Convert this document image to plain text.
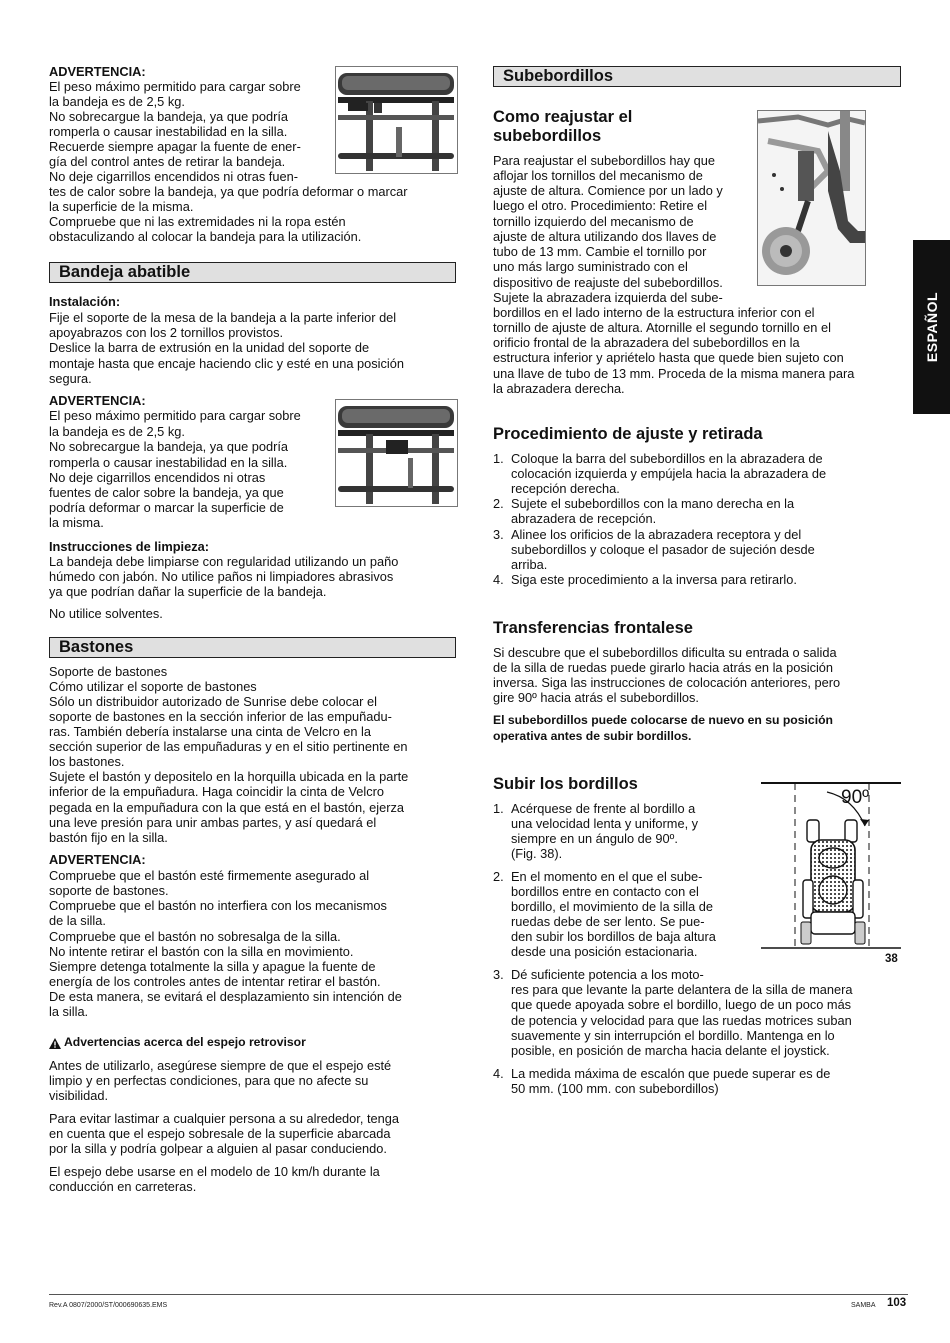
ADVERTENCIA:

El peso máximo permitido para cargar sobre

la bandeja es de 2,5 kg.

No sobrecargue la bandeja, ya que podría

romperla o causar inestabilidad en la silla.

Recuerde siempre apagar la fuente de ener-

gía del control antes de retirar la bandeja.

No deje cigarrillos encendidos ni otras fuen-

tes de calor sobre la bandeja, ya que podría deformar o marcar

la superficie de la misma.

Compruebe que ni las extremidades ni la ropa estén

obstaculizando al colocar la bandeja para la utilización.

Bandeja abatible

Instalación:

Fije el soporte de la mesa de la bandeja a la parte inferior del

apoyabrazos con los 2 tornillos provistos.

Deslice la barra de extrusión en la unidad del soporte de

montaje hasta que encaje haciendo clic y esté en una posición

segura.

ADVERTENCIA:

El peso máximo permitido para cargar sobre

la bandeja es de 2,5 kg.

No sobrecargue la bandeja, ya que podría

romperla o causar inestabilidad en la silla.

No deje cigarrillos encendidos ni otras

fuentes de calor sobre la bandeja, ya que

podría deformar o marcar la superficie de

la misma.

Instrucciones de limpieza:

La bandeja debe limpiarse con regularidad utilizando un paño

húmedo con jabón. No utilice paños ni limpiadores abrasivos

ya que podrían dañar la superficie de la bandeja.

No utilice solventes.

Bastones

Soporte de bastones

Cómo utilizar el soporte de bastones

Sólo un distribuidor autorizado de Sunrise debe colocar el

soporte de bastones en la sección inferior de las empuñadu-

ras. También debería instalarse una cinta de Velcro en la

sección superior de las empuñaduras y en el sitio pertinente en

los bastones.

Sujete el bastón y depositelo en la horquilla ubicada en la parte

inferior de la empuñadura. Haga coincidir la cinta de Velcro

pegada en la empuñadura con la que está en el bastón, ejerza

una leve presión para unir ambas partes, y así quedará el

bastón fijo en la silla.

ADVERTENCIA:

Compruebe que el bastón esté firmemente asegurado al

soporte de bastones.

Compruebe que el bastón no interfiera con los mecanismos

de la silla.

Compruebe que el bastón no sobresalga de la silla.

No intente retirar el bastón con la silla en movimiento.

Siempre detenga totalmente la silla y apague la fuente de

energía de los controles antes de intentar retirar el bastón.

De esta manera, se evitará el desplazamiento sin intención de

la silla.

Advertencias acerca del espejo retrovisor

Antes de utilizarlo, asegúrese siempre de que el espejo esté

limpio y en perfectas condiciones, para que no afecte su

visibilidad.

Para evitar lastimar a cualquier persona a su alrededor, tenga

en cuenta que el espejo sobresale de la superficie abarcada

por la silla y podría golpear a alguien al pasar conduciendo.

El espejo debe usarse en el modelo de 10 km/h durante la

conducción en carreteras.

Subebordillos
Como reajustar el
subebordillos

Para reajustar el subebordillos hay que

aflojar los tornillos del mecanismo de

ajuste de altura. Comience por un lado y

luego el otro. Procedimiento: Retire el

tornillo izquierdo del mecanismo de

ajuste de altura utilizando dos llaves de

tubo de 13 mm. Cambie el tornillo por

uno más largo suministrado con el

dispositivo de reajuste del subebordillos.

Sujete la abrazadera izquierda del sube-

bordillos en el lado interno de la estructura inferior con el

tornillo de ajuste de altura. Atornille el segundo tornillo en el

orificio frontal de la abrazadera del subebordillos en la

estructura inferior y apriételo hasta que quede bien sujeto con

una llave de tubo de 13 mm. Proceda de la misma manera para

la abrazadera derecha.

Procedimiento de ajuste y retirada
1. Coloque la barra del subebordillos en la abrazadera de

colocación izquierda y empújela hacia la abrazadera de

recepción derecha.

2. Sujete el subebordillos con la mano derecha en la

abrazadera de recepción.

3. Alinee los orificios de la abrazadera receptora y del

subebordillos y coloque el pasador de sujeción desde

arriba.

4. Siga este procedimiento a la inversa para retirarlo.

Transferencias frontalese

Si descubre que el subebordillos dificulta su entrada o salida

de la silla de ruedas puede girarlo hacia atrás en la posición

inversa. Siga las instrucciones de colocación anteriores, pero

gire 90º hacia atrás el subebordillos.

El subebordillos puede colocarse de nuevo en su posición

operativa antes de subir bordillos.

Subir los bordillos
1. Acérquese de frente al bordillo a

una velocidad lenta y uniforme, y

siempre en un ángulo de 90º.

(Fig. 38).

2. En el momento en el que el sube-

bordillos entre en contacto con el

bordillo, el movimiento de la silla de

ruedas debe de ser lento. Se pue-

den subir los bordillos de baja altura

desde una posición estacionaria.

3. Dé suficiente potencia a los moto-

res para que levante la parte delantera de la silla de manera

que quede apoyada sobre el bordillo, luego de un poco más

de potencia y velocidad para que las ruedas motrices suban

suavemente y sin interrupción el bordillo. Mantenga en lo

posible, en posición de marcha hacia delante el joystick.

4. La medida máxima de escalón que puede superar es de

50 mm. (100 mm. con subebordillos)

90º
38
ESPAÑOL
Rev.A 0807/2000/ST/000690635.EMS	SAMBA 103
